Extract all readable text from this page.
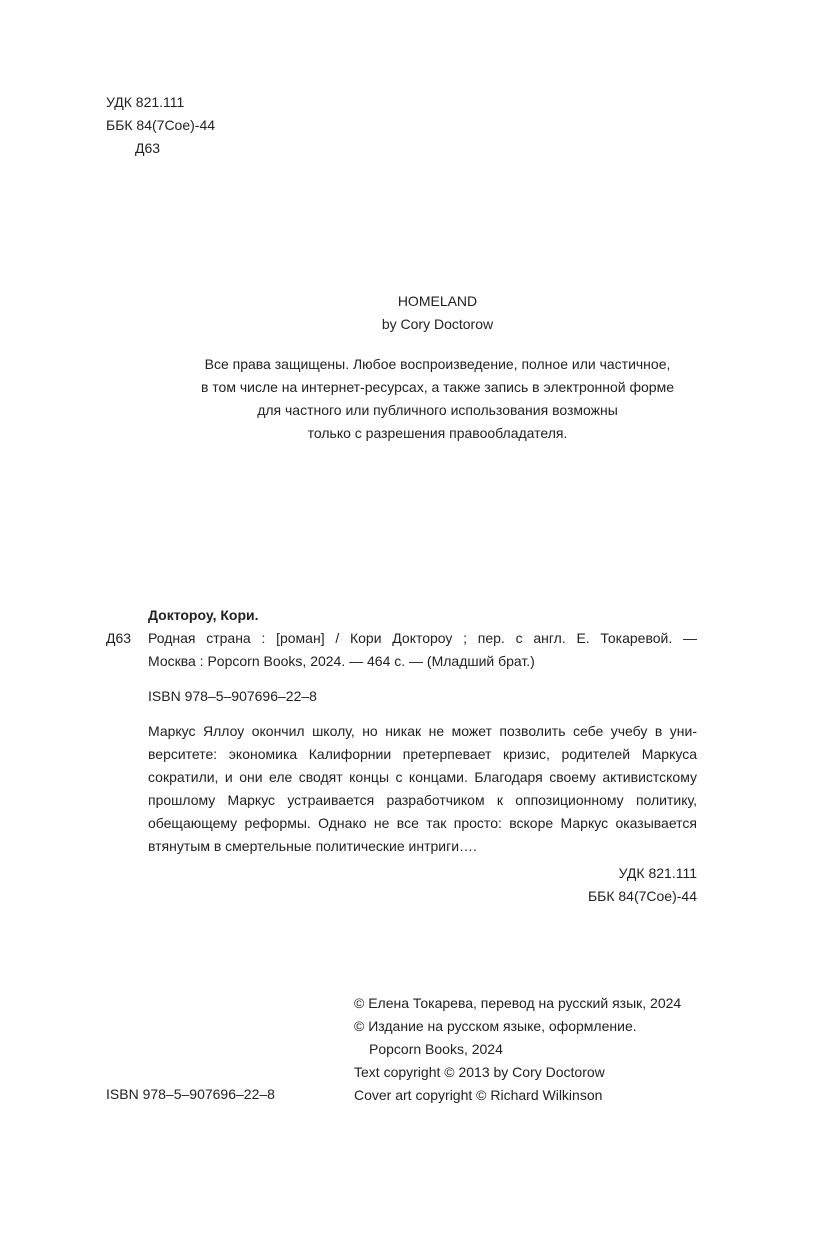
УДК 821.111
ББК 84(7Сое)-44
Д63
HOMELAND
by Cory Doctorow
Все права защищены. Любое воспроизведение, полное или частичное,
в том числе на интернет-ресурсах, а также запись в электронной форме
для частного или публичного использования возможны
только с разрешения правообладателя.
Доктороу, Кори.
Д63 Родная страна : [роман] / Кори Доктороу ; пер. с англ. Е. Токаревой. —
Москва : Popcorn Books, 2024. — 464 с. — (Младший брат.)
ISBN 978–5–907696–22–8
Маркус Яллоу окончил школу, но никак не может позволить себе учебу в уни-
верситете: экономика Калифорнии претерпевает кризис, родителей Маркуса
сократили, и они еле сводят концы с концами. Благодаря своему активистскому
прошлому Маркус устраивается разработчиком к оппозиционному политику,
обещающему реформы. Однако не все так просто: вскоре Маркус оказывается
втянутым в смертельные политические интриги….
УДК 821.111
ББК 84(7Сое)-44
© Елена Токарева, перевод на русский язык, 2024
© Издание на русском языке, оформление.
Popcorn Books, 2024
Text copyright © 2013 by Cory Doctorow
Cover art copyright © Richard Wilkinson
ISBN 978–5–907696–22–8
